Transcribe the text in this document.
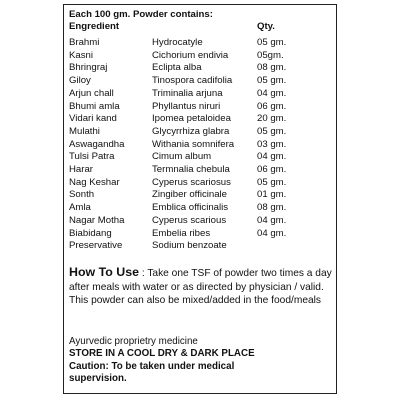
Each 100 gm. Powder contains:
Engredient	Qty.
Brahmi	Hydrocatyle	05 gm.
Kasni	Cichorium endivia	05gm.
Bhringraj	Eclipta alba	08 gm.
Giloy	Tinospora cadifolia	05 gm.
Arjun chall	Triminalia arjuna	04 gm.
Bhumi amla	Phyllantus niruri	06 gm.
Vidari kand	Ipomea petaloidea	20 gm.
Mulathi	Glycyrrhiza glabra	05 gm.
Aswagandha	Withania somnifera 03 gm.
Tulsi Patra	Cimum album	04 gm.
Harar	Termnalia chebula	06 gm.
Nag Keshar	Cyperus scariosus	05 gm.
Sonth	Zingiber officinale	01 gm.
Amla	Emblica officinalis	08 gm.
Nagar Motha	Cyperus scarious	04 gm.
Biabidang	Embelia ribes	04 gm.
Preservative	Sodium benzoate
How To Use : Take one TSF of powder two times a day after meals with water or as directed by physician / valid. This powder can also be mixed/added in the food/meals
Ayurvedic proprietry medicine
STORE IN A COOL DRY & DARK PLACE
Caution: To be taken under medical
supervision.
